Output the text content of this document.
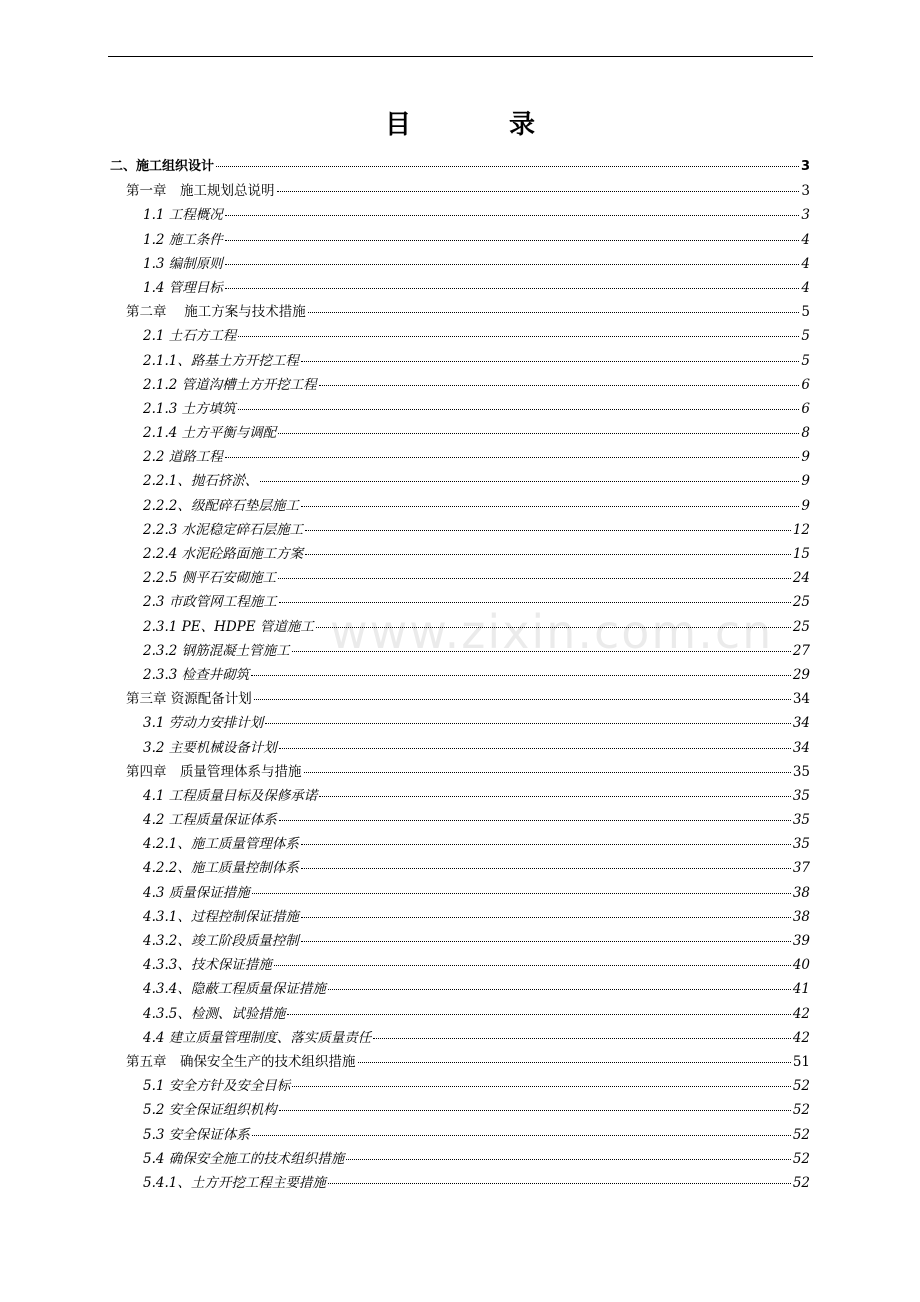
目　录
二、施工组织设计	3
第一章　施工规划总说明	3
1.1 工程概况	3
1.2 施工条件	4
1.3 编制原则	4
1.4 管理目标	4
第二章　 施工方案与技术措施	5
2.1 土石方工程	5
2.1.1、路基土方开挖工程	5
2.1.2 管道沟槽土方开挖工程	6
2.1.3 土方填筑	6
2.1.4 土方平衡与调配	8
2.2 道路工程	9
2.2.1、抛石挤淤、	9
2.2.2、级配碎石垫层施工	9
2.2.3 水泥稳定碎石层施工	12
2.2.4 水泥砼路面施工方案	15
2.2.5 侧平石安砌施工	24
2.3 市政管网工程施工	25
2.3.1 PE、HDPE 管道施工	25
2.3.2 钢筋混凝土管施工	27
2.3.3 检查井砌筑	29
第三章 资源配备计划	34
3.1 劳动力安排计划	34
3.2 主要机械设备计划	34
第四章　质量管理体系与措施	35
4.1 工程质量目标及保修承诺	35
4.2 工程质量保证体系	35
4.2.1、施工质量管理体系	35
4.2.2、施工质量控制体系	37
4.3 质量保证措施	38
4.3.1、过程控制保证措施	38
4.3.2、竣工阶段质量控制	39
4.3.3、技术保证措施	40
4.3.4、隐蔽工程质量保证措施	41
4.3.5、检测、试验措施	42
4.4 建立质量管理制度、落实质量责任	42
第五章　确保安全生产的技术组织措施	51
5.1 安全方针及安全目标	52
5.2 安全保证组织机构	52
5.3 安全保证体系	52
5.4 确保安全施工的技术组织措施	52
5.4.1、土方开挖工程主要措施	52
www.zixin.com.cn
